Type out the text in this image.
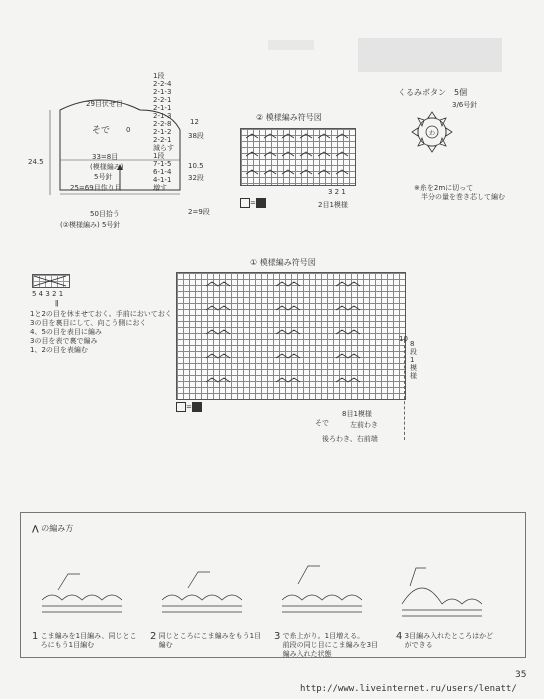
29目伏せ目
そで 0
33=8目
(模様編み)
5号針
25=69目作り目
24.5
50目拾う
(②模様編み) 5号針
1段
2-2-4
2-1-3
2-2-1
2-1-1
2-1-3
2-2-8
2-1-2
2-2-1
減らす
1段
7-1-5
6-1-4
4-1-1
増す
12
38段
10.5
32段
2=9段
② 模様編み符号図
=
3 2 1
2目1模様
くるみボタン　5個
3/6号針
わ
※糸を2mに切って
　半分の量を巻き芯して編む
5 4 3 2 1
ǁ
1と2の目を休ませておく。手前においておく
3の目を裏目にして、向こう側におく
4、5の目を表目に編み
3の目を表で裏で編み
1、2の目を表編む
① 模様編み符号図
10
8段1模様
=
そで
8目1模様
左前わき
後ろわき、右前端
⋀ の編み方
1 こま編みを1目編み、同じとこ
ろにもう1目編む
2 同じところにこま編みをもう1目
編む
3 で糸上がり。1目増える。
前段の同じ目にこま編みを3目
編み入れた状態
4 3目編み入れたところはかど
ができる
35
http://www.liveinternet.ru/users/lenatt/
